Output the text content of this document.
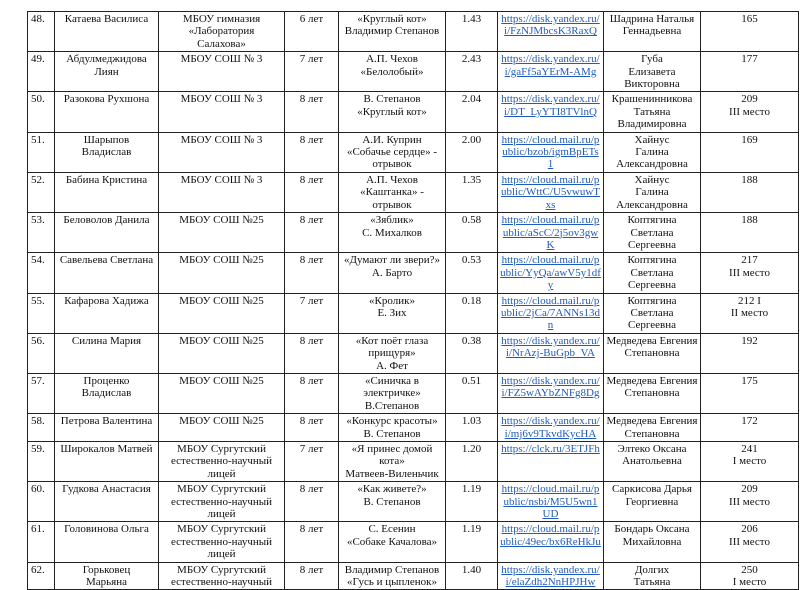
48.	Катаева Василиса	МБОУ гимназия
«Лаборатория
Салахова»	6 лет	«Круглый кот»
Владимир Степанов	1.43	https://disk.yandex.ru/i/FzNJMbcsK3RaxQ	Шадрина Наталья
Геннадьевна	165
49.	Абдулмеджидова
Лиян	МБОУ СОШ № 3	7 лет	А.П. Чехов
«Белолобый»	2.43	https://disk.yandex.ru/i/gaFf5aYErM-AMg	Губа
Елизавета Викторовна	177
50.	Разокова Рухшона	МБОУ СОШ № 3	8 лет	В. Степанов
«Круглый кот»	2.04	https://disk.yandex.ru/i/DT_LyYTI8TVlnQ	Крашенинникова
Татьяна Владимировна	209
III место
51.	Шарыпов
Владислав	МБОУ СОШ № 3	8 лет	А.И. Куприн
«Собачье сердце» -
отрывок	2.00	https://cloud.mail.ru/public/bzob/igmBpETs1	Хайнус
Галина Александровна	169
52.	Бабина Кристина	МБОУ СОШ № 3	8 лет	А.П. Чехов
«Каштанка» -
отрывок	1.35	https://cloud.mail.ru/public/WttC/U5vwuwTxs	Хайнус
Галина Александровна	188
53.	Беловолов Данила	МБОУ СОШ №25	8 лет	«Зяблик»
С. Михалков	0.58	https://cloud.mail.ru/public/aScC/2j5ov3gwK	Коптягина Светлана
Сергеевна	188
54.	Савельева Светлана	МБОУ СОШ №25	8 лет	«Думают ли звери?»
А. Барто	0.53	https://cloud.mail.ru/public/YyQa/awV5y1dfy	Коптягина Светлана
Сергеевна	217
III место
55.	Кафарова Хадижа	МБОУ СОШ №25	7 лет	«Кролик»
Е. Зих	0.18	https://cloud.mail.ru/public/2jCa/7ANNs13dn	Коптягина Светлана
Сергеевна	212 I
II место
56.	Силина Мария	МБОУ СОШ №25	8 лет	«Кот поёт глаза
прищуря»
А. Фет	0.38	https://disk.yandex.ru/i/NrAzj-BuGpb_VA	Медведева Евгения
Степановна	192
57.	Проценко
Владислав	МБОУ СОШ №25	8 лет	«Синичка в
электричке»
В.Степанов	0.51	https://disk.yandex.ru/i/FZ5wAYbZNFg8Dg	Медведева Евгения
Степановна	175
58.	Петрова Валентина	МБОУ СОШ №25	8 лет	«Конкурс красоты»
В. Степанов	1.03	https://disk.yandex.ru/i/mj6v9TkvdKycHA	Медведева Евгения
Степановна	172
59.	Широкалов Матвей	МБОУ Сургутский
естественно-научный
лицей	7 лет	«Я принес домой
кота»
Матвеев-Виленьчик	1.20	https://clck.ru/3ETJFh	Элтеко Оксана
Анатольевна	241
I место
60.	Гудкова Анастасия	МБОУ Сургутский
естественно-научный
лицей	8 лет	«Как живете?»
В. Степанов	1.19	https://cloud.mail.ru/public/nsbi/M5U5wn1UD	Саркисова Дарья
Георгиевна	209
III место
61.	Головинова Ольга	МБОУ Сургутский
естественно-научный
лицей	8 лет	С. Есенин
«Собаке Качалова»	1.19	https://cloud.mail.ru/public/49ec/bx6ReHkJu	Бондарь Оксана
Михайловна	206
III место
62.	Горьковец
Марьяна	МБОУ Сургутский
естественно-научный	8 лет	Владимир Степанов
«Гусь и цыпленок»	1.40	https://disk.yandex.ru/i/elaZdh2NnHPJHw	Долгих
Татьяна	250
I место
